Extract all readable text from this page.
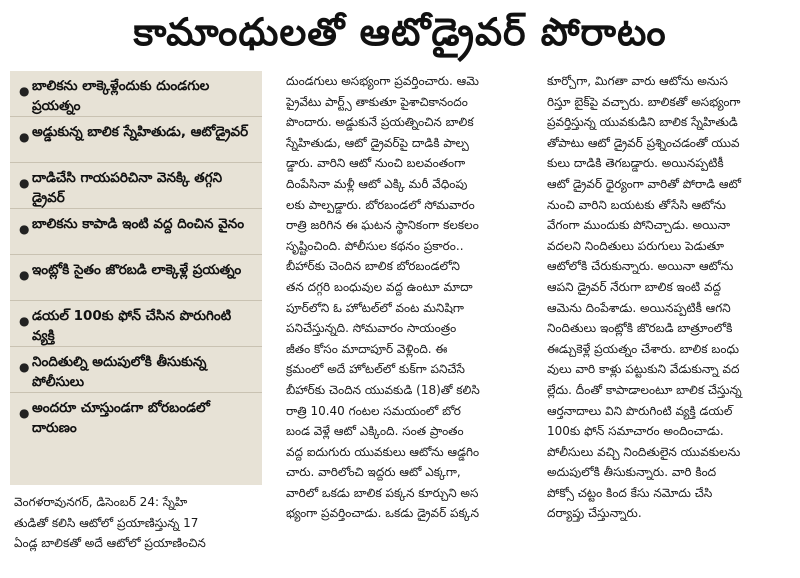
కామాంధులతో ఆటోడ్రైవర్ పోరాటం
● బాలికను లాక్కెళ్లేందుకు దుండగుల ప్రయత్నం
● అడ్డుకున్న బాలిక స్నేహితుడు, ఆటోడ్రైవర్
● దాడిచేసి గాయపరిచినా వెనక్కి తగ్గని డ్రైవర్
● బాలికను కాపాడి ఇంటి వద్ద దించిన వైనం
● ఇంట్లోకి సైతం జొరబడి లాక్కెళ్లే ప్రయత్నం
● డయల్ 100కు ఫోన్ చేసిన పొరుగింటి వ్యక్తి
● నిందితుల్ని అదుపులోకి తీసుకున్న పోలీసులు
● అందరూ చూస్తుండగా బోరబండలో దారుణం

వెంగళరావునగర్, డిసెంబర్ 24: స్నేహి

తుడితో కలిసి ఆటోలో ప్రయాణిస్తున్న 17

ఏండ్ల బాలికతో అదే ఆటోలో ప్రయాణించిన

దుండగులు అసభ్యంగా ప్రవర్తించారు. ఆమె

ప్రైవేటు పార్ట్స్ తాకుతూ పైశాచికానందం

పొందారు. అడ్డుకునే ప్రయత్నించిన బాలిక

స్నేహితుడు, ఆటో డ్రైవర్‌పై దాడికి పాల్ప

డ్డారు. వారిని ఆటో నుంచి బలవంతంగా

దింపేసినా మళ్లీ ఆటో ఎక్కి మరీ వేధింపు

లకు పాల్పడ్డారు. బోరబండలో సోమవారం

రాత్రి జరిగిన ఈ ఘటన స్థానికంగా కలకలం

సృష్టించింది. పోలీసుల కథనం ప్రకారం..

బీహార్‌కు చెందిన బాలిక బోరబండలోని

తన దగ్గరి బంధువుల వద్ద ఉంటూ మాదా

పూర్‌లోని ఓ హోటల్‌లో వంట మనిషిగా

పనిచేస్తున్నది. సోమవారం సాయంత్రం

జీతం కోసం మాదాపూర్ వెళ్లింది. ఈ

క్రమంలో అదే హోటల్‌లో కుక్‌గా పనిచేసే

బీహార్‌కు చెందిన యువకుడి (18)తో కలిసి

రాత్రి 10.40 గంటల సమయంలో బోర

బండ వెళ్లే ఆటో ఎక్కింది. సంత ప్రాంతం

వద్ద ఐదుగురు యువకులు ఆటోను ఆడ్డగిం

చారు. వారిలోంచి ఇద్దరు ఆటో ఎక్కగా,

వారిలో ఒకడు బాలిక పక్కన కూర్చుని అస

భ్యంగా ప్రవర్తించాడు. ఒకడు డ్రైవర్ పక్కన

కూర్చోగా, మిగతా వారు ఆటోను అనుస

రిస్తూ బైక్‌పై వచ్చారు. బాలికతో అసభ్యంగా

ప్రవర్తిస్తున్న యువకుడిని బాలిక స్నేహితుడి

తోపాటు ఆటో డ్రైవర్ ప్రశ్నించడంతో యువ

కులు దాడికి తెగబడ్డారు. అయినప్పటికీ

ఆటో డ్రైవర్ ధైర్యంగా వారితో పోరాడి ఆటో

నుంచి వారిని బయటకు తోసేసి ఆటోను

వేగంగా ముందుకు పోనిచ్చాడు. అయినా

వదలని నిందితులు పరుగులు పెడుతూ

ఆటోలోకి చేరుకున్నారు. అయినా ఆటోను

ఆపని డ్రైవర్ నేరుగా బాలిక ఇంటి వద్ద

ఆమెను దింపేశాడు. అయినప్పటికీ ఆగని

నిందితులు ఇంట్లోకి జొరబడి బాత్రూంలోకి

ఈడ్చుకెళ్లే ప్రయత్నం చేశారు. బాలిక బంధు

వులు వారి కాళ్లు పట్టుకుని వేడుకున్నా వద

ల్లేదు. దీంతో కాపాడాలంటూ బాలిక చేస్తున్న

ఆర్తనాదాలు విని పొరుగింటి వ్యక్తి డయల్

100కు ఫోన్ సమాచారం అందించాడు.

పోలీసులు వచ్చి నిందితులైన యువకులను

అదుపులోకి తీసుకున్నారు. వారి కింద

పోక్సో చట్టం కింద కేసు నమోదు చేసి

దర్యాప్తు చేస్తున్నారు.
